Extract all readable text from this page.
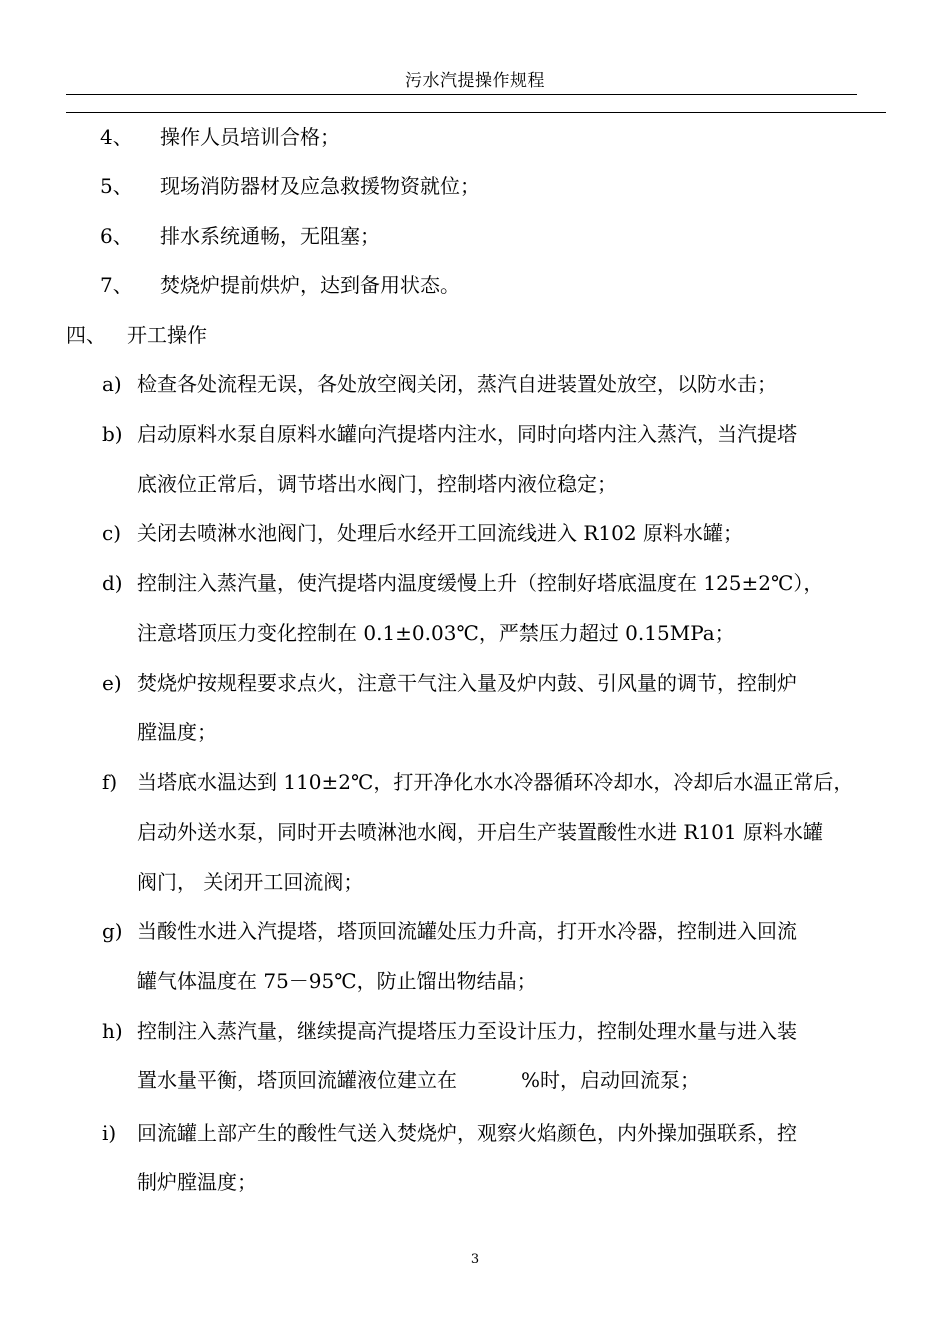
污水汽提操作规程
4、 操作人员培训合格；
5、 现场消防器材及应急救援物资就位；
6、 排水系统通畅，无阻塞；
7、 焚烧炉提前烘炉，达到备用状态。
四、 开工操作
a) 检查各处流程无误，各处放空阀关闭，蒸汽自进装置处放空，以防水击；
b) 启动原料水泵自原料水罐向汽提塔内注水，同时向塔内注入蒸汽，当汽提塔
底液位正常后，调节塔出水阀门，控制塔内液位稳定；
c) 关闭去喷淋水池阀门，处理后水经开工回流线进入 R102 原料水罐；
d) 控制注入蒸汽量，使汽提塔内温度缓慢上升（控制好塔底温度在 125±2℃），
注意塔顶压力变化控制在 0.1±0.03℃，严禁压力超过 0.15MPa；
e) 焚烧炉按规程要求点火，注意干气注入量及炉内鼓、引风量的调节，控制炉
膛温度；
f) 当塔底水温达到 110±2℃，打开净化水水冷器循环冷却水，冷却后水温正常后，
启动外送水泵，同时开去喷淋池水阀，开启生产装置酸性水进 R101 原料水罐
阀门， 关闭开工回流阀；
g) 当酸性水进入汽提塔，塔顶回流罐处压力升高，打开水冷器，控制进入回流
罐气体温度在 75－95℃，防止馏出物结晶；
h) 控制注入蒸汽量，继续提高汽提塔压力至设计压力，控制处理水量与进入装
置水量平衡，塔顶回流罐液位建立在	%时，启动回流泵；
i) 回流罐上部产生的酸性气送入焚烧炉，观察火焰颜色，内外操加强联系，控
制炉膛温度；
3
